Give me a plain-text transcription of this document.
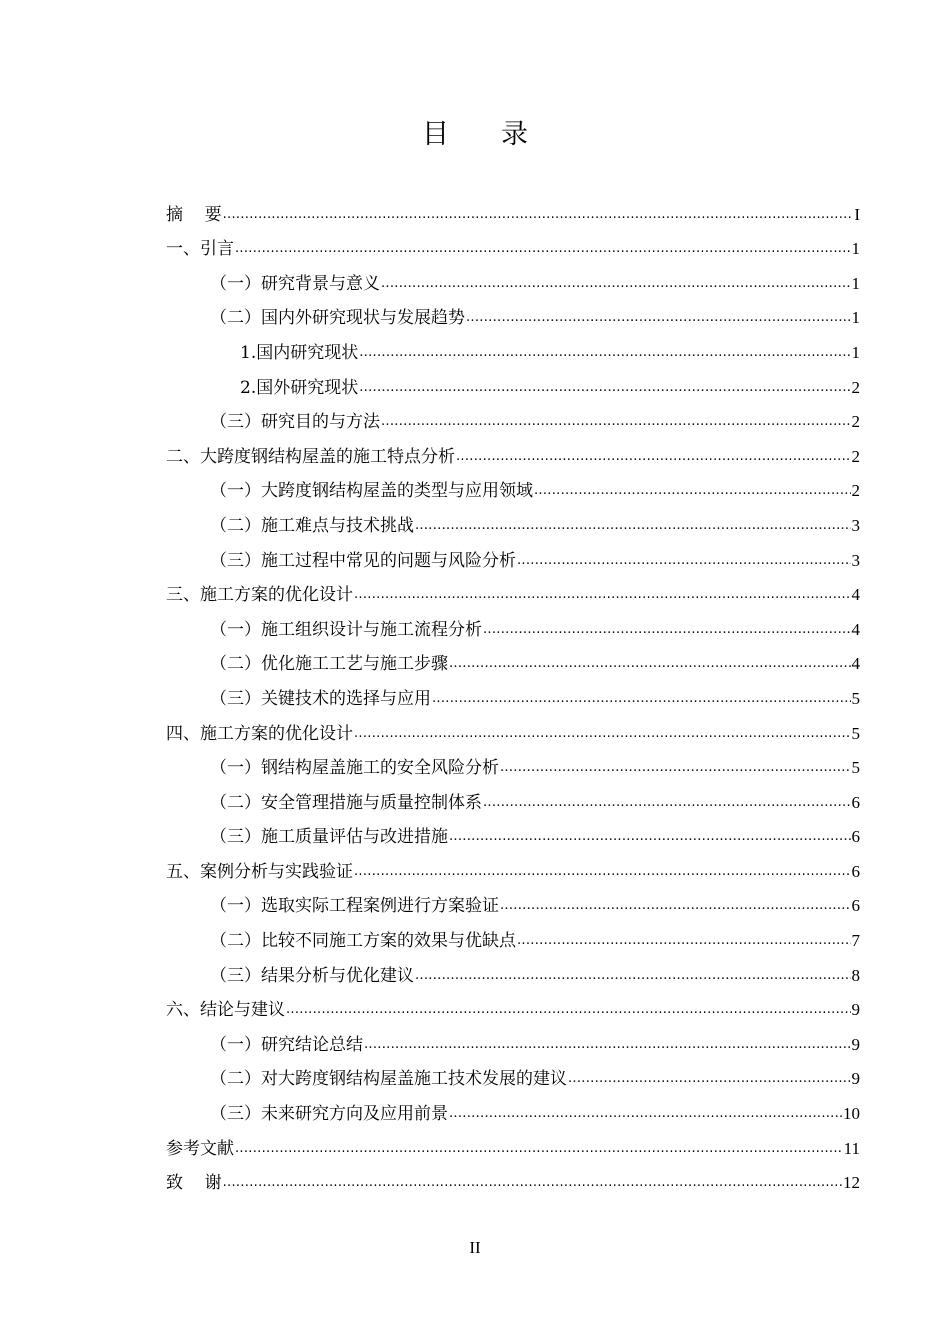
目录
摘    要 .....	I
一、引言 .....	1
（一）研究背景与意义 .....	1
（二）国内外研究现状与发展趋势 .....	1
1.国内研究现状 .....	1
2.国外研究现状 .....	2
（三）研究目的与方法 .....	2
二、大跨度钢结构屋盖的施工特点分析 .....	2
（一）大跨度钢结构屋盖的类型与应用领域 .....	2
（二）施工难点与技术挑战 .....	3
（三）施工过程中常见的问题与风险分析 .....	3
三、施工方案的优化设计 .....	4
（一）施工组织设计与施工流程分析 .....	4
（二）优化施工工艺与施工步骤 .....	4
（三）关键技术的选择与应用 .....	5
四、施工方案的优化设计 .....	5
（一）钢结构屋盖施工的安全风险分析 .....	5
（二）安全管理措施与质量控制体系 .....	6
（三）施工质量评估与改进措施 .....	6
五、案例分析与实践验证 .....	6
（一）选取实际工程案例进行方案验证 .....	6
（二）比较不同施工方案的效果与优缺点 .....	7
（三）结果分析与优化建议 .....	8
六、结论与建议 .....	9
（一）研究结论总结 .....	9
（二）对大跨度钢结构屋盖施工技术发展的建议 .....	9
（三）未来研究方向及应用前景 .....	10
参考文献 .....	11
致    谢 .....	12
II
